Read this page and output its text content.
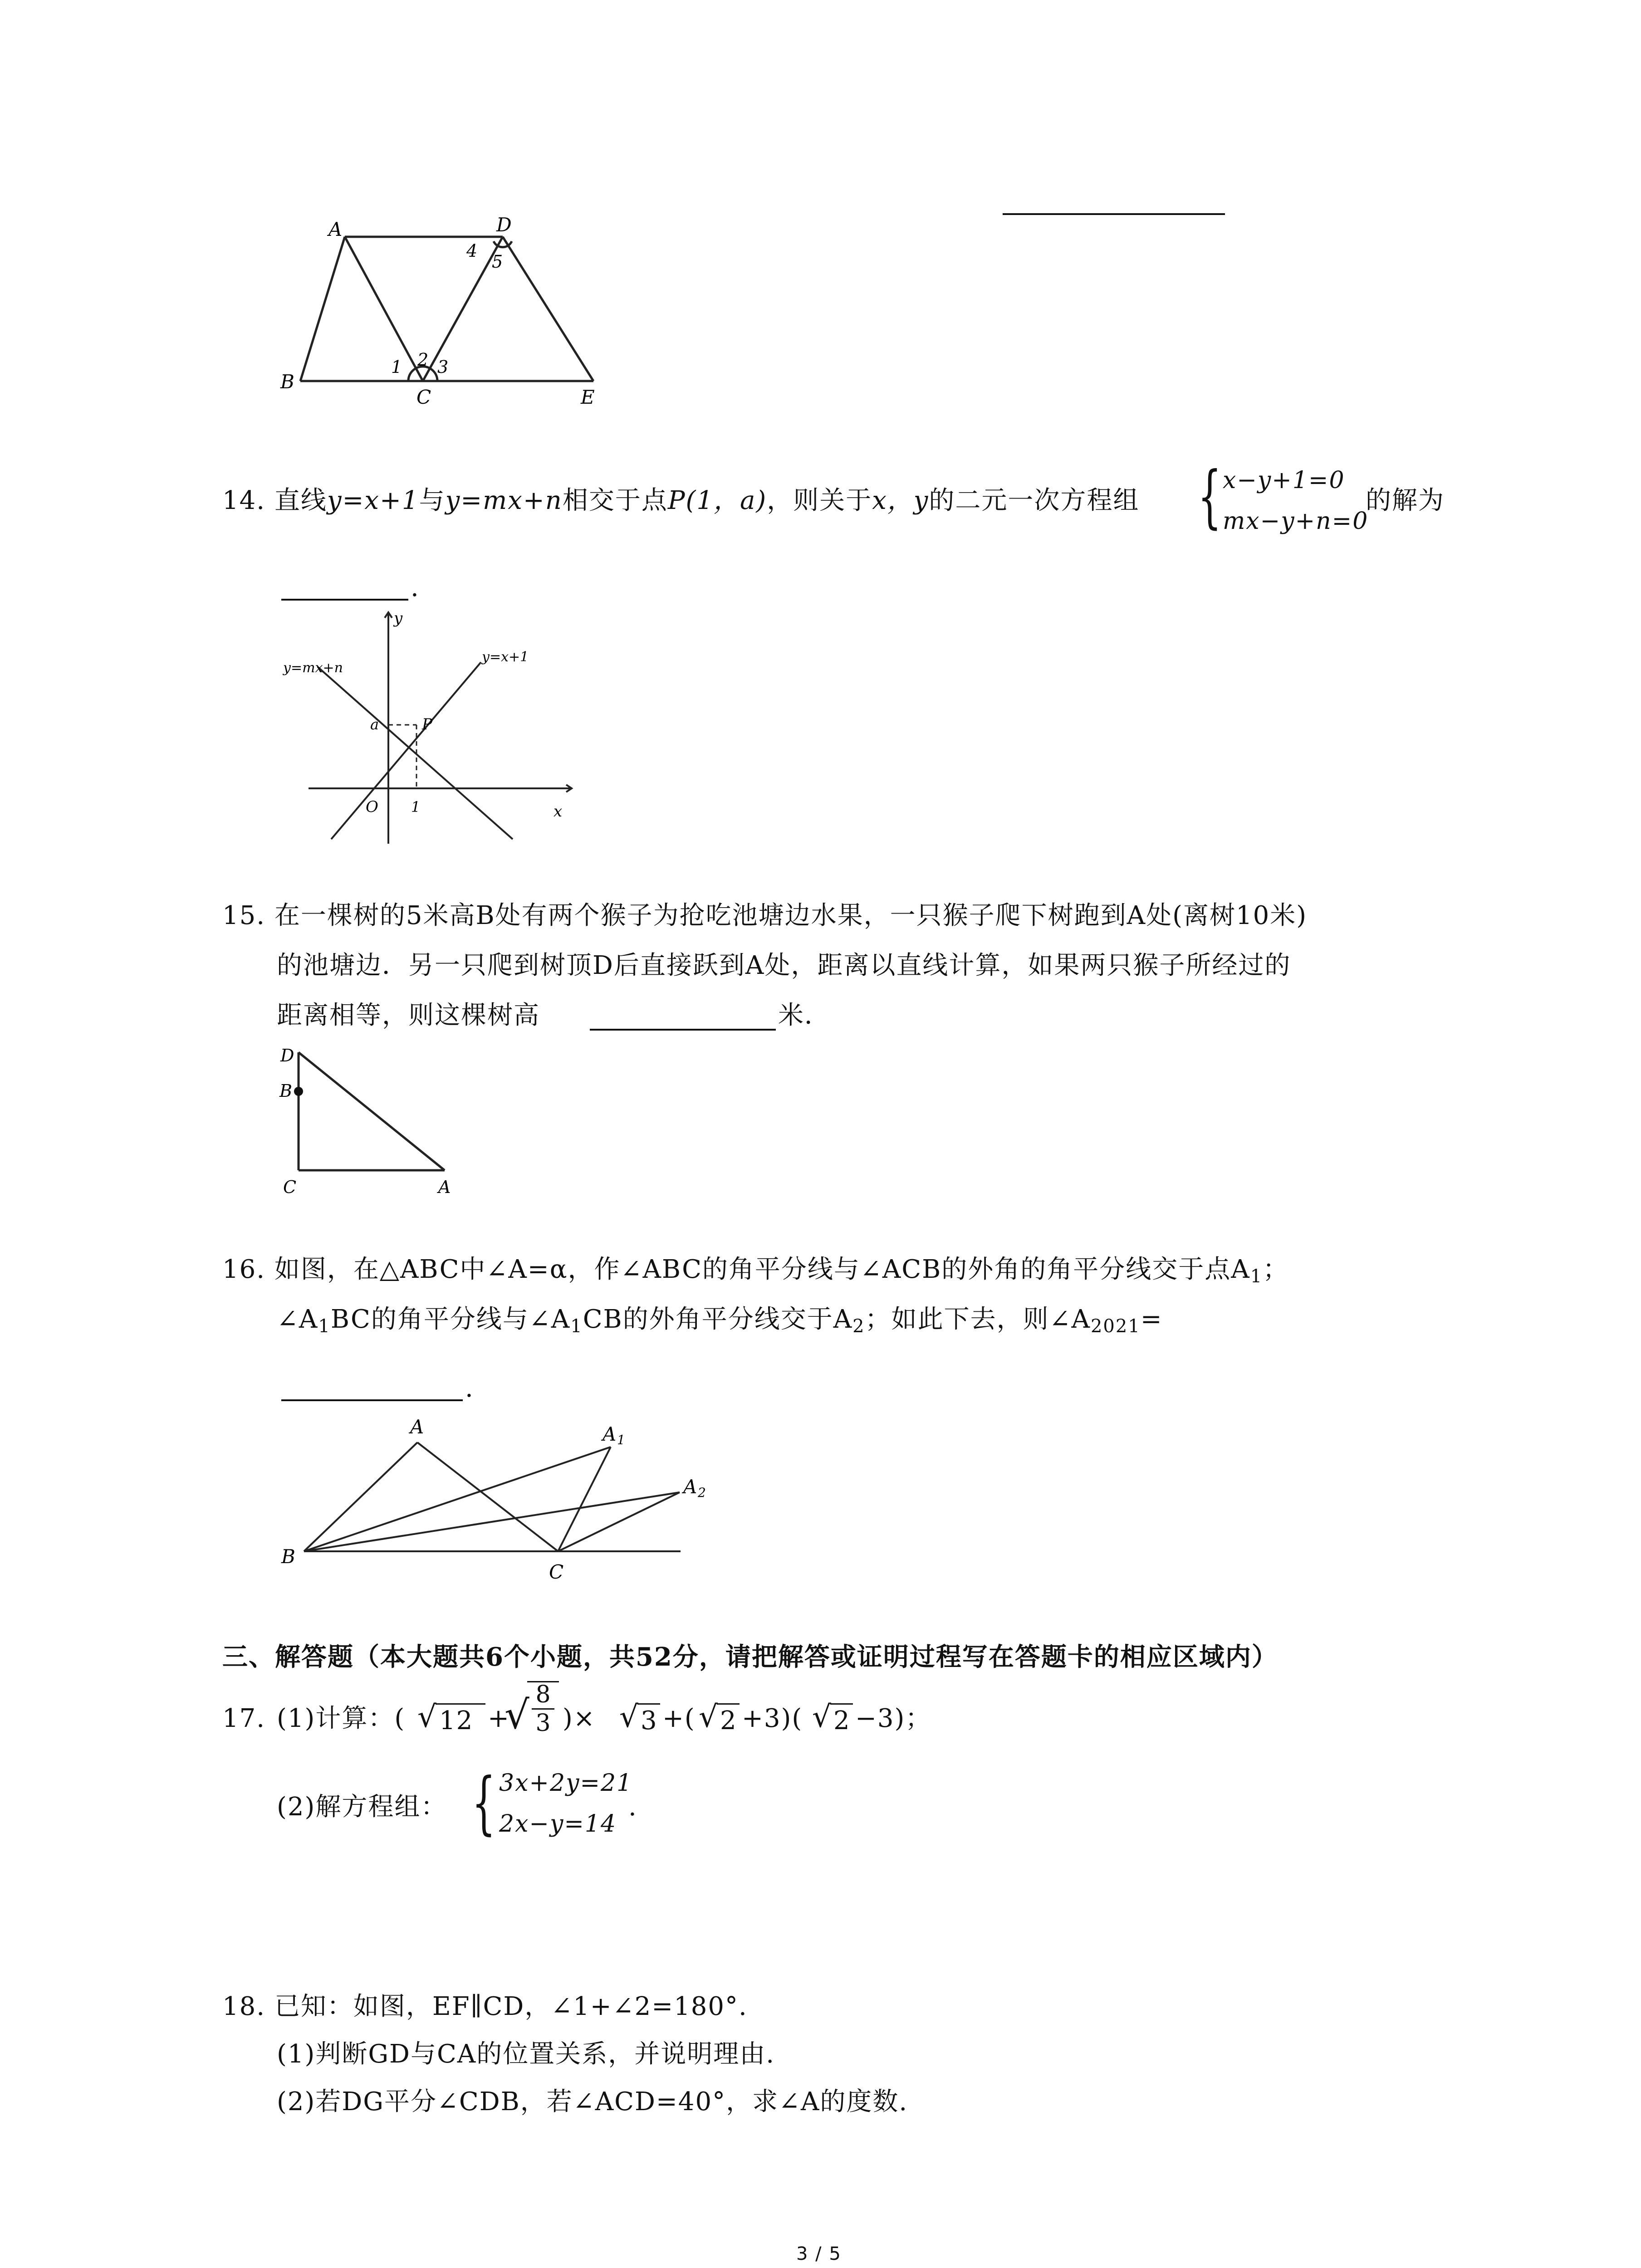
A
B
C
D
E
1 2 3
4
5
14. 直线y=x+1与y=mx+n相交于点P(1，a)，则关于x，y的二元一次方程组 { x−y+1=0
mx−y+n=0
的解为
.
y
x
O 1
a	P
y=mx+n
y=x+1
15. 在一棵树的5米高B处有两个猴子为抢吃池塘边水果，一只猴子爬下树跑到A处(离树10米)
的池塘边．另一只爬到树顶D后直接跃到A处，距离以直线计算，如果两只猴子所经过的
距离相等，则这棵树高	米．
D
B
C	A
16. 如图，在△ABC中∠A=α，作∠ABC的角平分线与∠ACB的外角的角平分线交于点$A_1$；
$\angle A_1BC$的角平分线与$\angle A_1CB$的外角平分线交于$A_2$；如此下去，则$\angle A_{2021}=$
.
A	A 1
A 2
B
C
三、解答题（本大题共6个小题，共52分，请把解答或证明过程写在答题卡的相应区域内）
17. (1)计算：( √ 12 +
√ $\frac{8}{3}$ )× √ 3 +( √ 2 +3)( √ 2 −3)；
(2)解方程组： { 3x+2y=21
2x−y=14
.
18. 已知：如图，EF∥CD，∠1+∠2=180°.
(1)判断GD与CA的位置关系，并说明理由.
(2)若DG平分∠CDB，若∠ACD=40°，求∠A的度数.
3 / 5
